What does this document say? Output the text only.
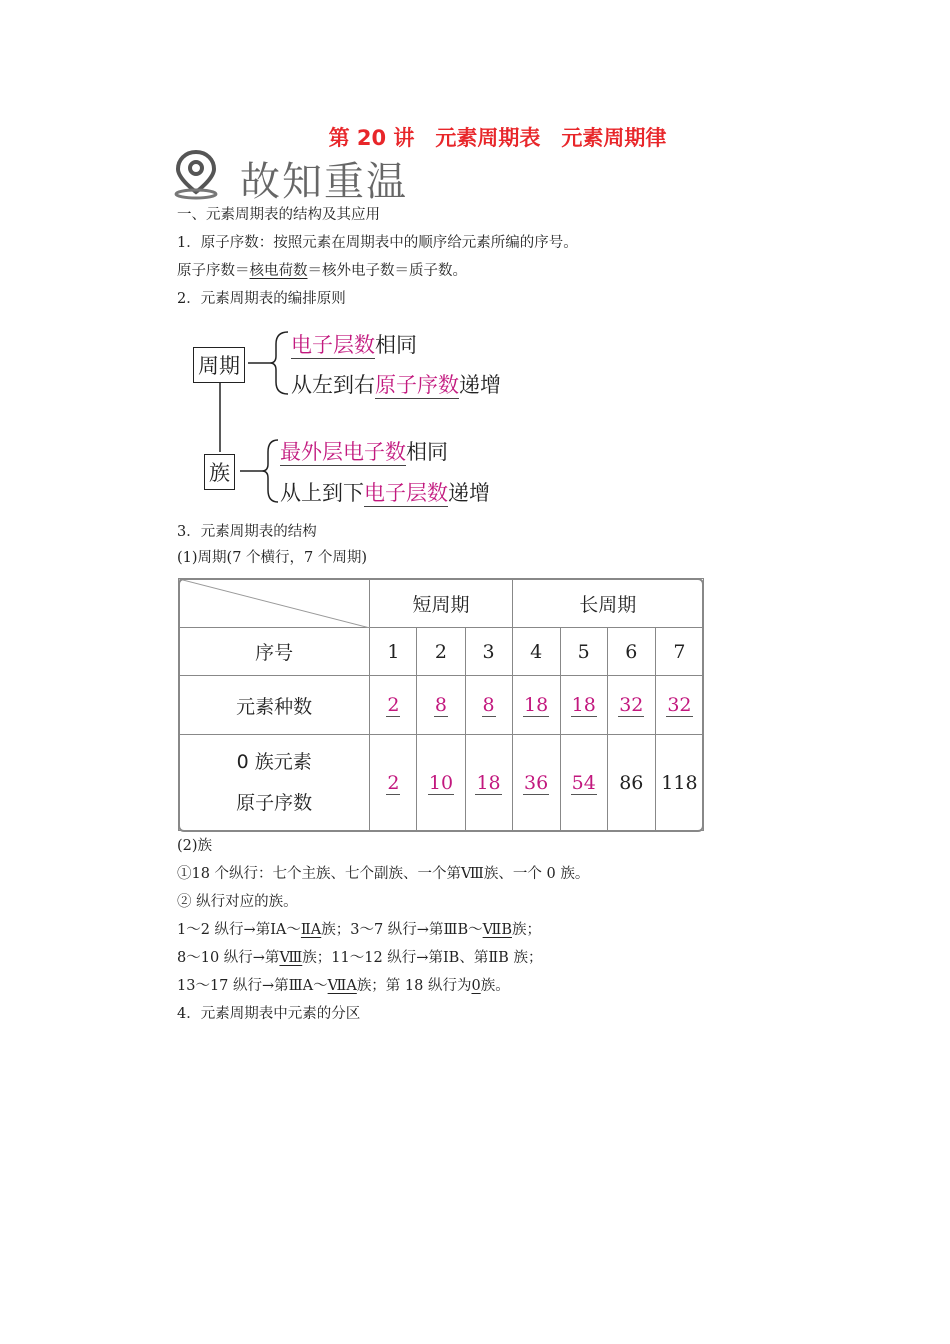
第 20 讲　元素周期表　元素周期律
故知重温
一、元素周期表的结构及其应用
1．原子序数：按照元素在周期表中的顺序给元素所编的序号。
原子序数＝核电荷数＝核外电子数＝质子数。
2．元素周期表的编排原则
周期
电子层数相同
从左到右原子序数递增
族
最外层电子数相同
从上到下电子层数递增
3．元素周期表的结构
(1)周期(7 个横行，7 个周期)
	短周期			长周期			
序号	1	2	3	4	5	6	7
元素种数	2	8	8	18	18	32	32

0 族元素
原子序数	2	10	18	36	54	86	118
(2)族
①18 个纵行：七个主族、七个副族、一个第Ⅷ族、一个 0 族。
② 纵行对应的族。
1～2 纵行→第ⅠA～ⅡA族；3～7 纵行→第ⅢB～ⅦB族；
8～10 纵行→第Ⅷ族；11～12 纵行→第ⅠB、第ⅡB 族；
13～17 纵行→第ⅢA～ⅦA族；第 18 纵行为0族。
4．元素周期表中元素的分区
